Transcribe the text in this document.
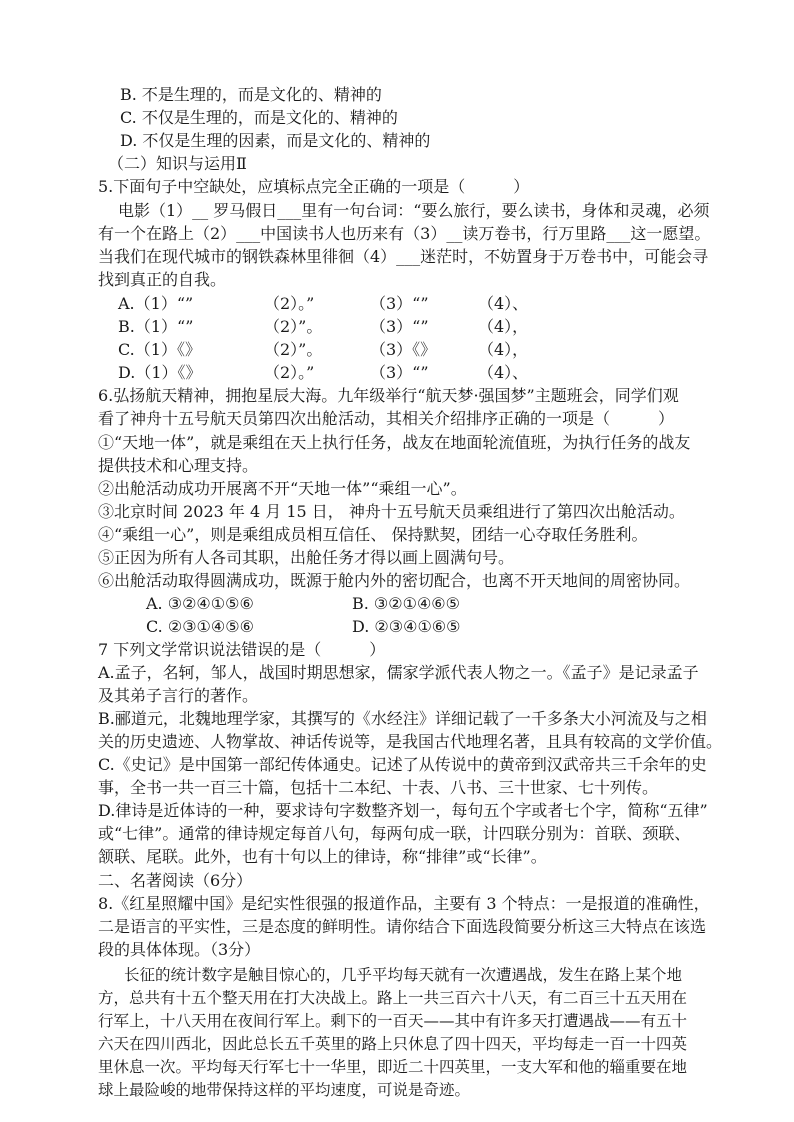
B. 不是生理的，而是文化的、精神的

C. 不仅是生理的，而是文化的、精神的

D. 不仅是生理的因素，而是文化的、精神的

（二）知识与运用Ⅱ

5.下面句子中空缺处，应填标点完全正确的一项是（　　　）

电影（1）__ 罗马假日___里有一句台词：“要么旅行，要么读书，身体和灵魂，必须

有一个在路上（2）___中国读书人也历来有（3）__读万卷书，行万里路___这一愿望。

当我们在现代城市的钢铁森林里徘徊（4）___迷茫时，不妨置身于万卷书中，可能会寻

找到真正的自我。

A.（1）“”	（2）。”	（3）“”	（4）、
B.（1）“”	（2）”。	（3）“”	（4），
C.（1）《》	（2）”。	（3）《》	（4），
D.（1）《》	（2）。”	（3）“”	（4）、

6.弘扬航天精神，拥抱星辰大海。九年级举行“航天梦·强国梦”主题班会，同学们观

看了神舟十五号航天员第四次出舱活动，其相关介绍排序正确的一项是（　　　）

①“天地一体”，就是乘组在天上执行任务，战友在地面轮流值班，为执行任务的战友

提供技术和心理支持。

②出舱活动成功开展离不开“天地一体”“乘组一心”。

③北京时间 2023 年 4 月 15 日， 神舟十五号航天员乘组进行了第四次出舱活动。

④“乘组一心”，则是乘组成员相互信任、 保持默契，团结一心夺取任务胜利。

⑤正因为所有人各司其职，出舱任务才得以画上圆满句号。

⑥出舱活动取得圆满成功，既源于舱内外的密切配合，也离不开天地间的周密协同。

A. ③②④①⑤⑥	B. ③②①④⑥⑤
C. ②③①④⑤⑥	D. ②③④①⑥⑤

7 下列文学常识说法错误的是（　　　）

A.孟子，名轲，邹人，战国时期思想家，儒家学派代表人物之一。《孟子》是记录孟子

及其弟子言行的著作。

B.郦道元，北魏地理学家，其撰写的《水经注》详细记载了一千多条大小河流及与之相

关的历史遗迹、人物掌故、神话传说等，是我国古代地理名著，且具有较高的文学价值。

C.《史记》是中国第一部纪传体通史。记述了从传说中的黄帝到汉武帝共三千余年的史

事，全书一共一百三十篇，包括十二本纪、十表、八书、三十世家、七十列传。

D.律诗是近体诗的一种，要求诗句字数整齐划一，每句五个字或者七个字，简称“五律”

或“七律”。通常的律诗规定每首八句，每两句成一联，计四联分别为：首联、颈联、

颔联、尾联。此外，也有十句以上的律诗，称“排律”或“长律”。

二、名著阅读（6分）

8.《红星照耀中国》是纪实性很强的报道作品，主要有 3 个特点：一是报道的准确性，

二是语言的平实性，三是态度的鲜明性。请你结合下面选段简要分析这三大特点在该选

段的具体体现。（3分）

长征的统计数字是触目惊心的，几乎平均每天就有一次遭遇战，发生在路上某个地

方，总共有十五个整天用在打大决战上。路上一共三百六十八天，有二百三十五天用在

行军上，十八天用在夜间行军上。剩下的一百天——其中有许多天打遭遇战——有五十

六天在四川西北，因此总长五千英里的路上只休息了四十四天，平均每走一百一十四英

里休息一次。平均每天行军七十一华里，即近二十四英里，一支大军和他的辎重要在地

球上最险峻的地带保持这样的平均速度，可说是奇迹。
